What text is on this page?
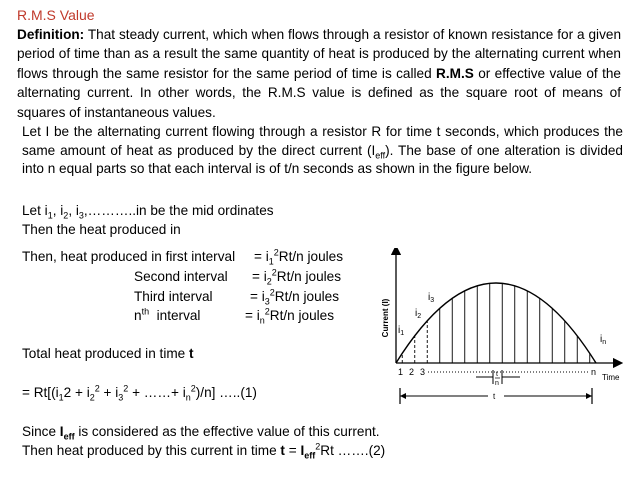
R.M.S Value
Definition: That steady current, which when flows through a resistor of known resistance for a given period of time than as a result the same quantity of heat is produced by the alternating current when flows through the same resistor for the same period of time is called R.M.S or effective value of the alternating current. In other words, the R.M.S value is defined as the square root of means of squares of instantaneous values.
Let I be the alternating current flowing through a resistor R for time t seconds, which produces the same amount of heat as produced by the direct current $(I_{eff})$. The base of one alteration is divided into n equal parts so that each interval is of t/n seconds as shown in the figure below.
Let $i_1$, $i_2$, $i_3,\dots\dots\dots..in$ be the mid ordinates
Then the heat produced in
Then, heat produced in first interval = $i_1^2Rt/n$ joules
Second interval = $i_2^2Rt/n$ joules
Third interval	= $i_3^2Rt/n$ joules
$n^{th}$  interval	= $i_n^2Rt/n$ joules
Total heat produced in time t
= $Rt[(i_12 + i_2^2 + i_3^2$ + ……+ $i_n^2)/n$] …..(1)
Since $I_{eff}$ is considered as the effective value of this current.
Then heat produced by this current in time $t = I_{eff}^2Rt$ …….(2)
$i_1$
$i_2$
$i_3$
$i_n$
Current (I)
1 2 3	n
Time
t
n
t
